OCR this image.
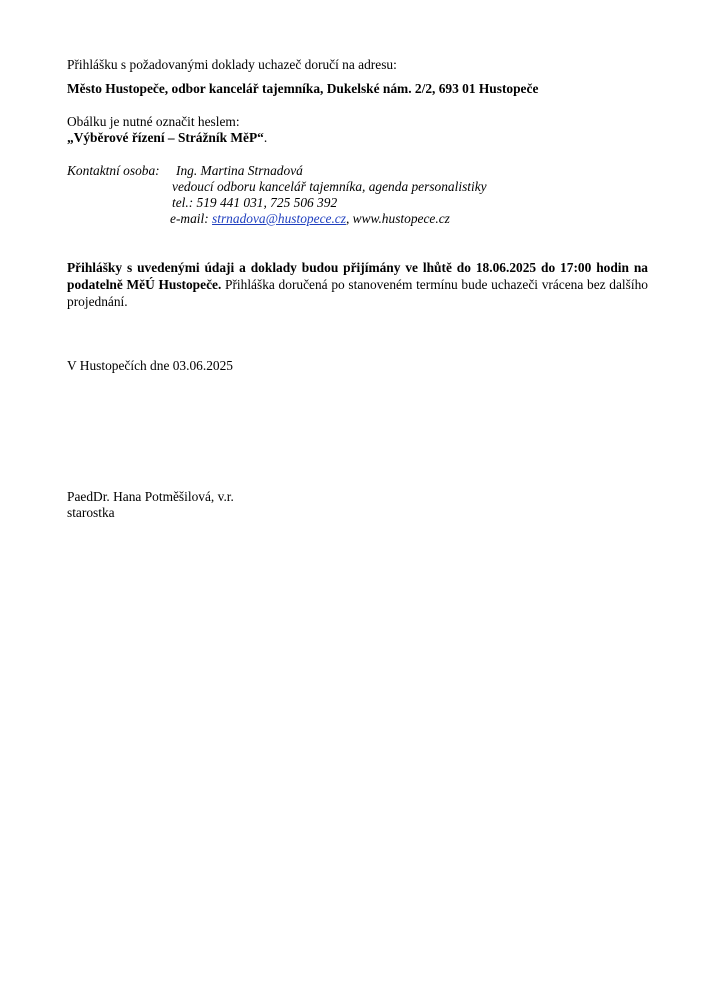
Přihlášku s požadovanými doklady uchazeč doručí na adresu:
Město Hustopeče, odbor kancelář tajemníka, Dukelské nám. 2/2, 693 01 Hustopeče
Obálku je nutné označit heslem:
„Výběrové řízení – Strážník MěP“.
Kontaktní osoba: Ing. Martina Strnadová
vedoucí odboru kancelář tajemníka, agenda personalistiky
tel.: 519 441 031, 725 506 392
e-mail: strnadova@hustopece.cz, www.hustopece.cz
Přihlášky s uvedenými údaji a doklady budou přijímány ve lhůtě do 18.06.2025 do 17:00 hodin na podatelně MěÚ Hustopeče. Přihláška doručená po stanoveném termínu bude uchazeči vrácena bez dalšího projednání.
V Hustopečích dne 03.06.2025
PaedDr. Hana Potměšilová, v.r.
starostka
